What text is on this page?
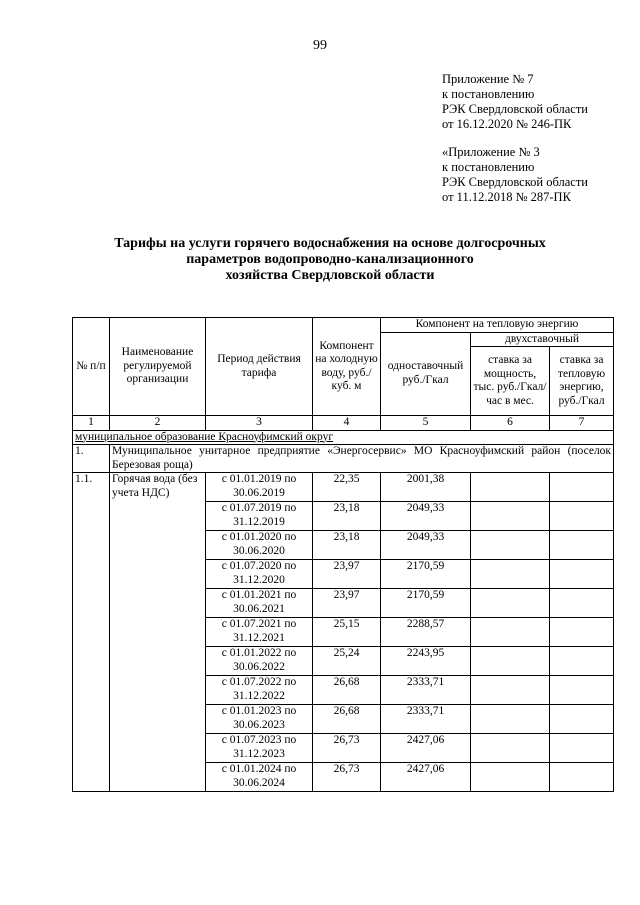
99
Приложение № 7
к постановлению
РЭК Свердловской области
от 16.12.2020 № 246-ПК
«Приложение № 3
к постановлению
РЭК Свердловской области
от 11.12.2018 № 287-ПК
Тарифы на услуги горячего водоснабжения на основе долгосрочных
параметров водопроводно-канализационного
хозяйства Свердловской области
№ п/п	Наименование регулируемой организации	Период действия тарифа	Компонент на холодную воду, руб./куб. м	Компонент на тепловую энергию		
				одноставочный руб./Гкал	двухставочный	
					ставка за мощность, тыс. руб./Гкал/час в мес.	ставка за тепловую энергию, руб./Гкал
1	2	3	4	5	6	7
муниципальное образование Красноуфимский округ						
1.	Муниципальное унитарное предприятие «Энергосервис» МО Красноуфимский район (поселок Березовая роща)					
1.1.	Горячая вода (без учета НДС)	с 01.01.2019 по 30.06.2019	22,35	2001,38		
		с 01.07.2019 по 31.12.2019	23,18	2049,33		
		с 01.01.2020 по 30.06.2020	23,18	2049,33		
		с 01.07.2020 по 31.12.2020	23,97	2170,59		
		с 01.01.2021 по 30.06.2021	23,97	2170,59		
		с 01.07.2021 по 31.12.2021	25,15	2288,57		
		с 01.01.2022 по 30.06.2022	25,24	2243,95		
		с 01.07.2022 по 31.12.2022	26,68	2333,71		
		с 01.01.2023 по 30.06.2023	26,68	2333,71		
		с 01.07.2023 по 31.12.2023	26,73	2427,06		
		с 01.01.2024 по 30.06.2024	26,73	2427,06		
